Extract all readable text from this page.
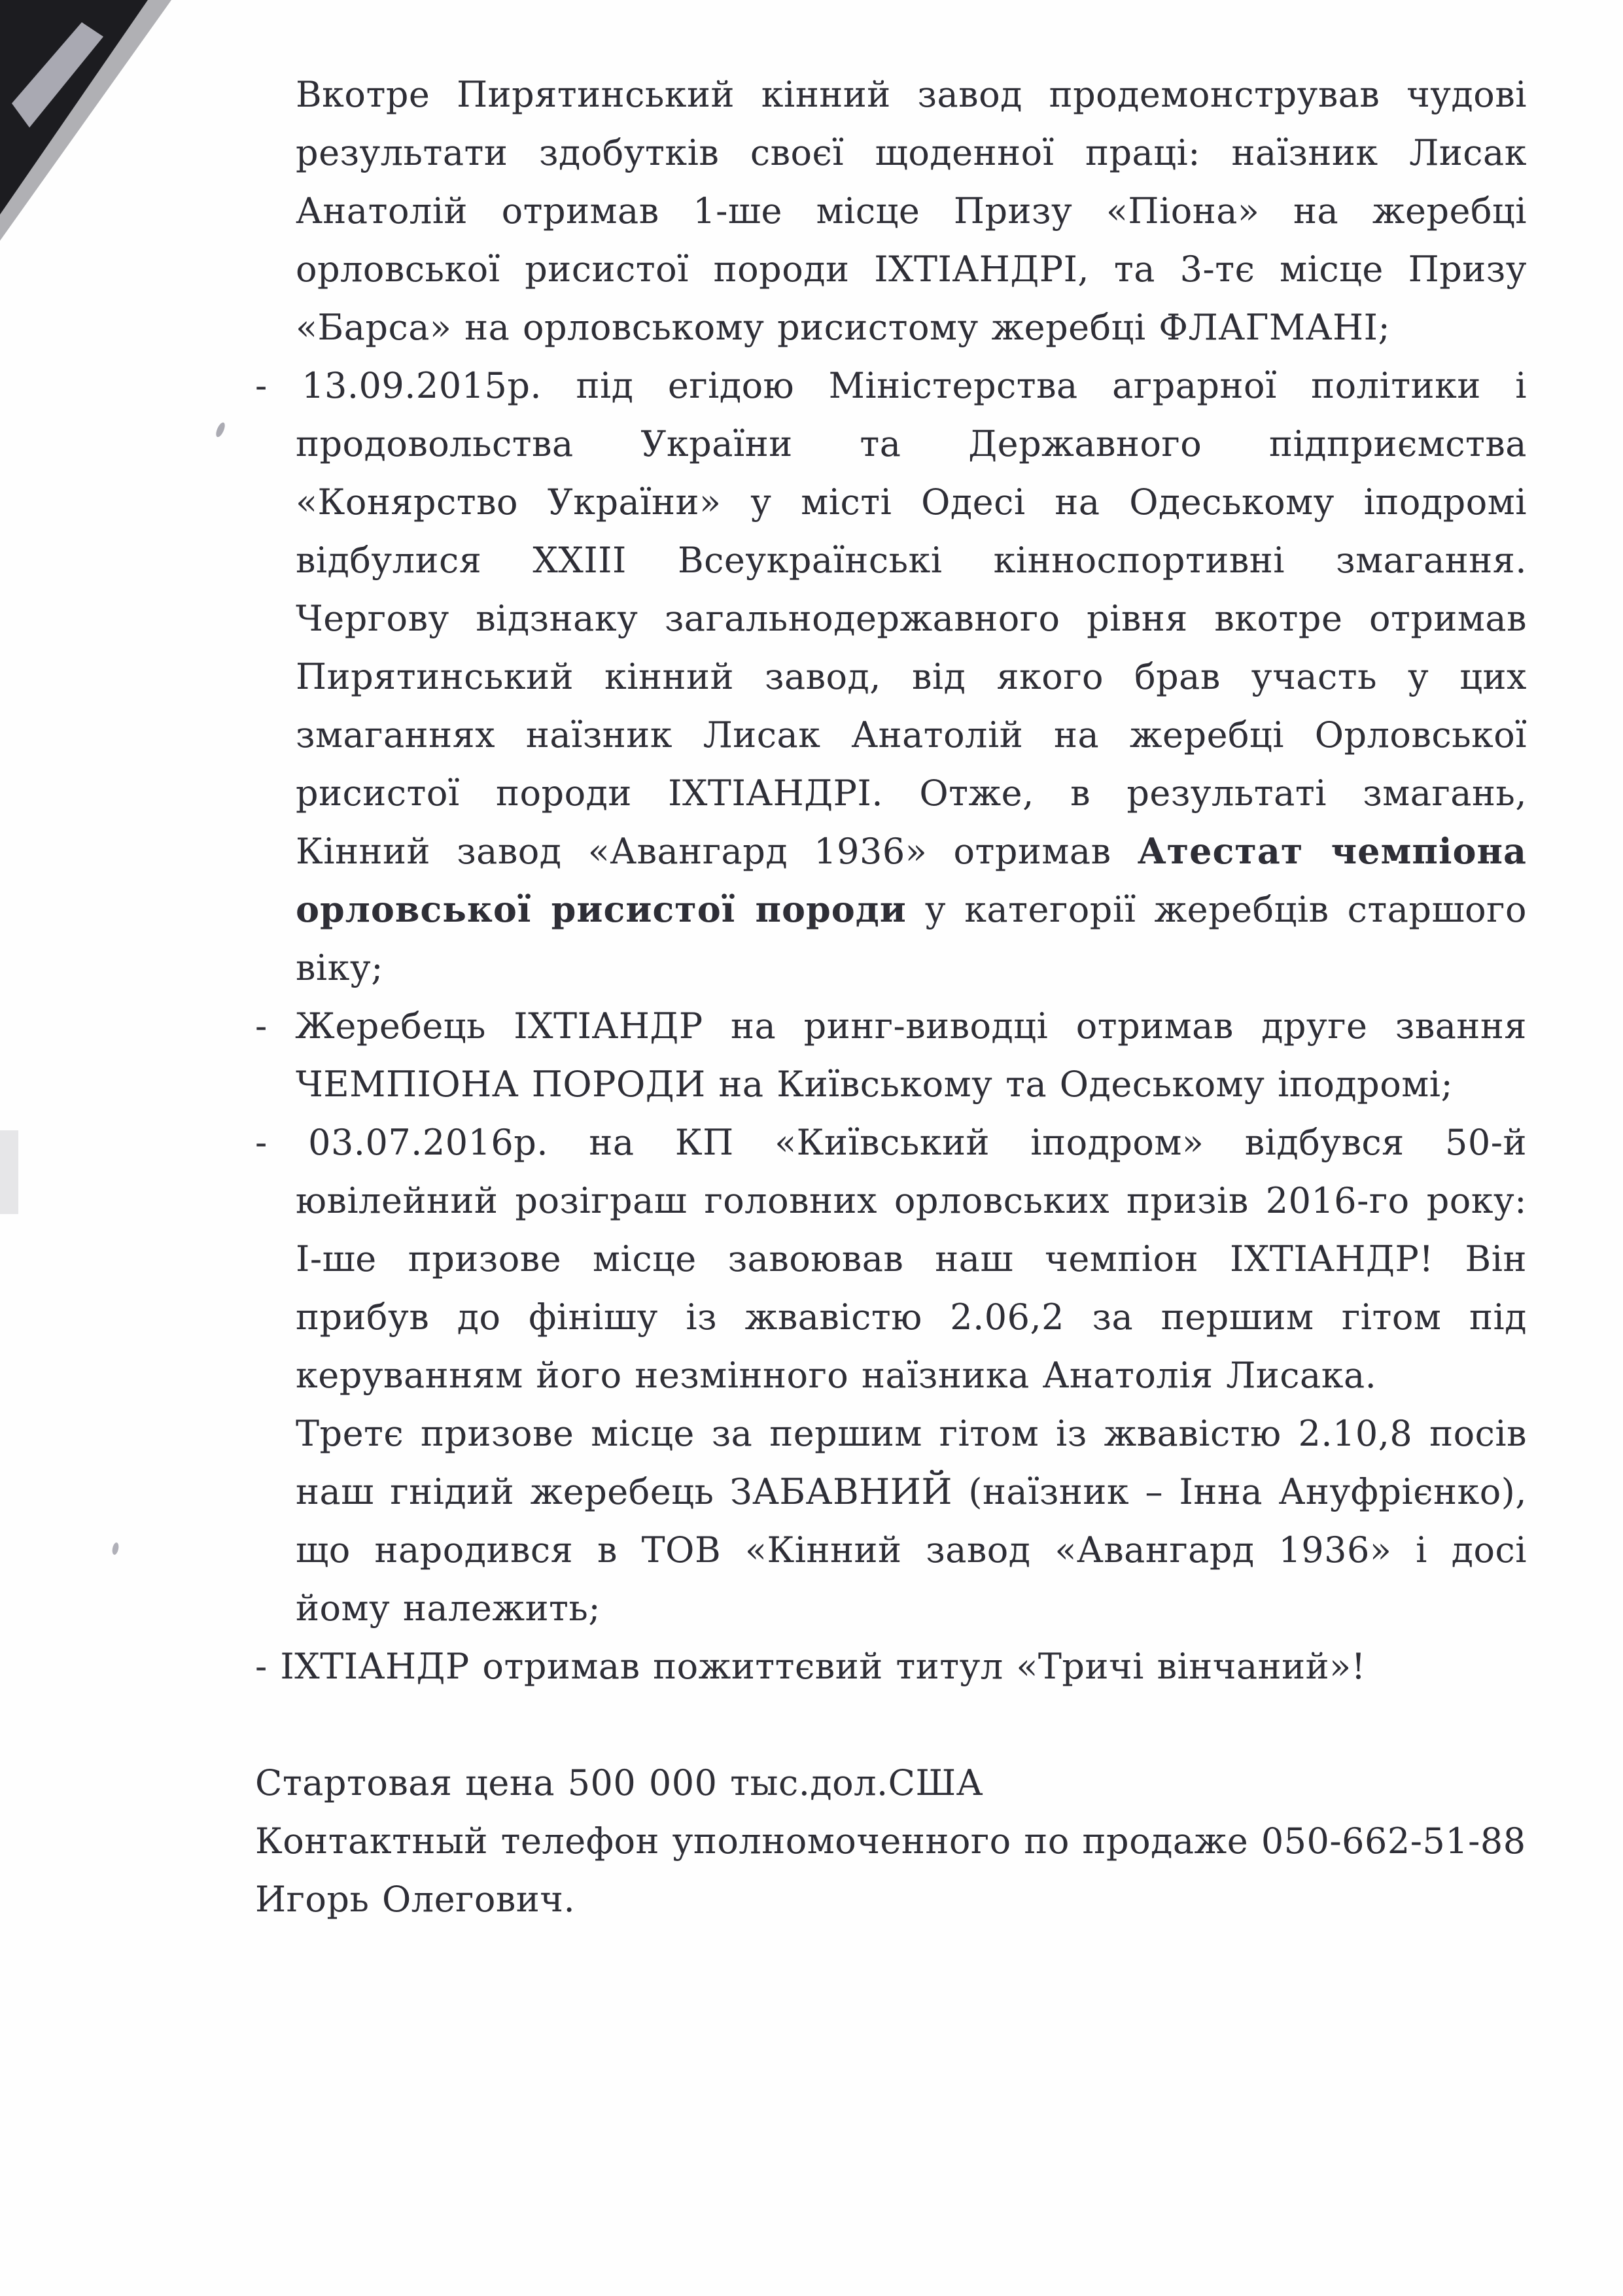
Вкотре Пирятинський кінний завод продемонстрував чудові результати здобутків своєї щоденної праці: наїзник Лисак Анатолій отримав 1-ше місце Призу «Піона» на жеребці орловської рисистої породи ІХТІАНДРІ, та 3-тє місце Призу «Барса» на орловському рисистому жеребці ФЛАГМАНІ;

- 13.09.2015р. під егідою Міністерства аграрної політики і продовольства України та Державного підприємства «Конярство України» у місті Одесі на Одеському іподромі відбулися XXIII Всеукраїнські кінноспортивні змагання. Чергову відзнаку загальнодержавного рівня вкотре отримав Пирятинський кінний завод, від якого брав участь у цих змаганнях наїзник Лисак Анатолій на жеребці Орловської рисистої породи ІХТІАНДРІ. Отже, в результаті змагань, Кінний завод «Авангард 1936» отримав Атестат чемпіона орловської рисистої породи у категорії жеребців старшого віку;

- Жеребець ІХТІАНДР на ринг-виводці отримав друге звання ЧЕМПІОНА ПОРОДИ на Київському та Одеському іподромі;

- 03.07.2016р. на КП «Київський іподром» відбувся 50-й ювілейний розіграш головних орловських призів 2016-го року: І-ше призове місце завоював наш чемпіон ІХТІАНДР! Він прибув до фінішу із жвавістю 2.06,2 за першим гітом під керуванням його незмінного наїзника Анатолія Лисака.

Третє призове місце за першим гітом із жвавістю 2.10,8 посів наш гнідий жеребець ЗАБАВНИЙ (наїзник – Інна Ануфрієнко), що народився в ТОВ «Кінний завод «Авангард 1936» і досі йому належить;

- ІХТІАНДР отримав пожиттєвий титул «Тричі вінчаний»!

Стартовая цена 500 000 тыс.дол.США

Контактный телефон уполномоченного по продаже 050-662-51-88

Игорь Олегович.
